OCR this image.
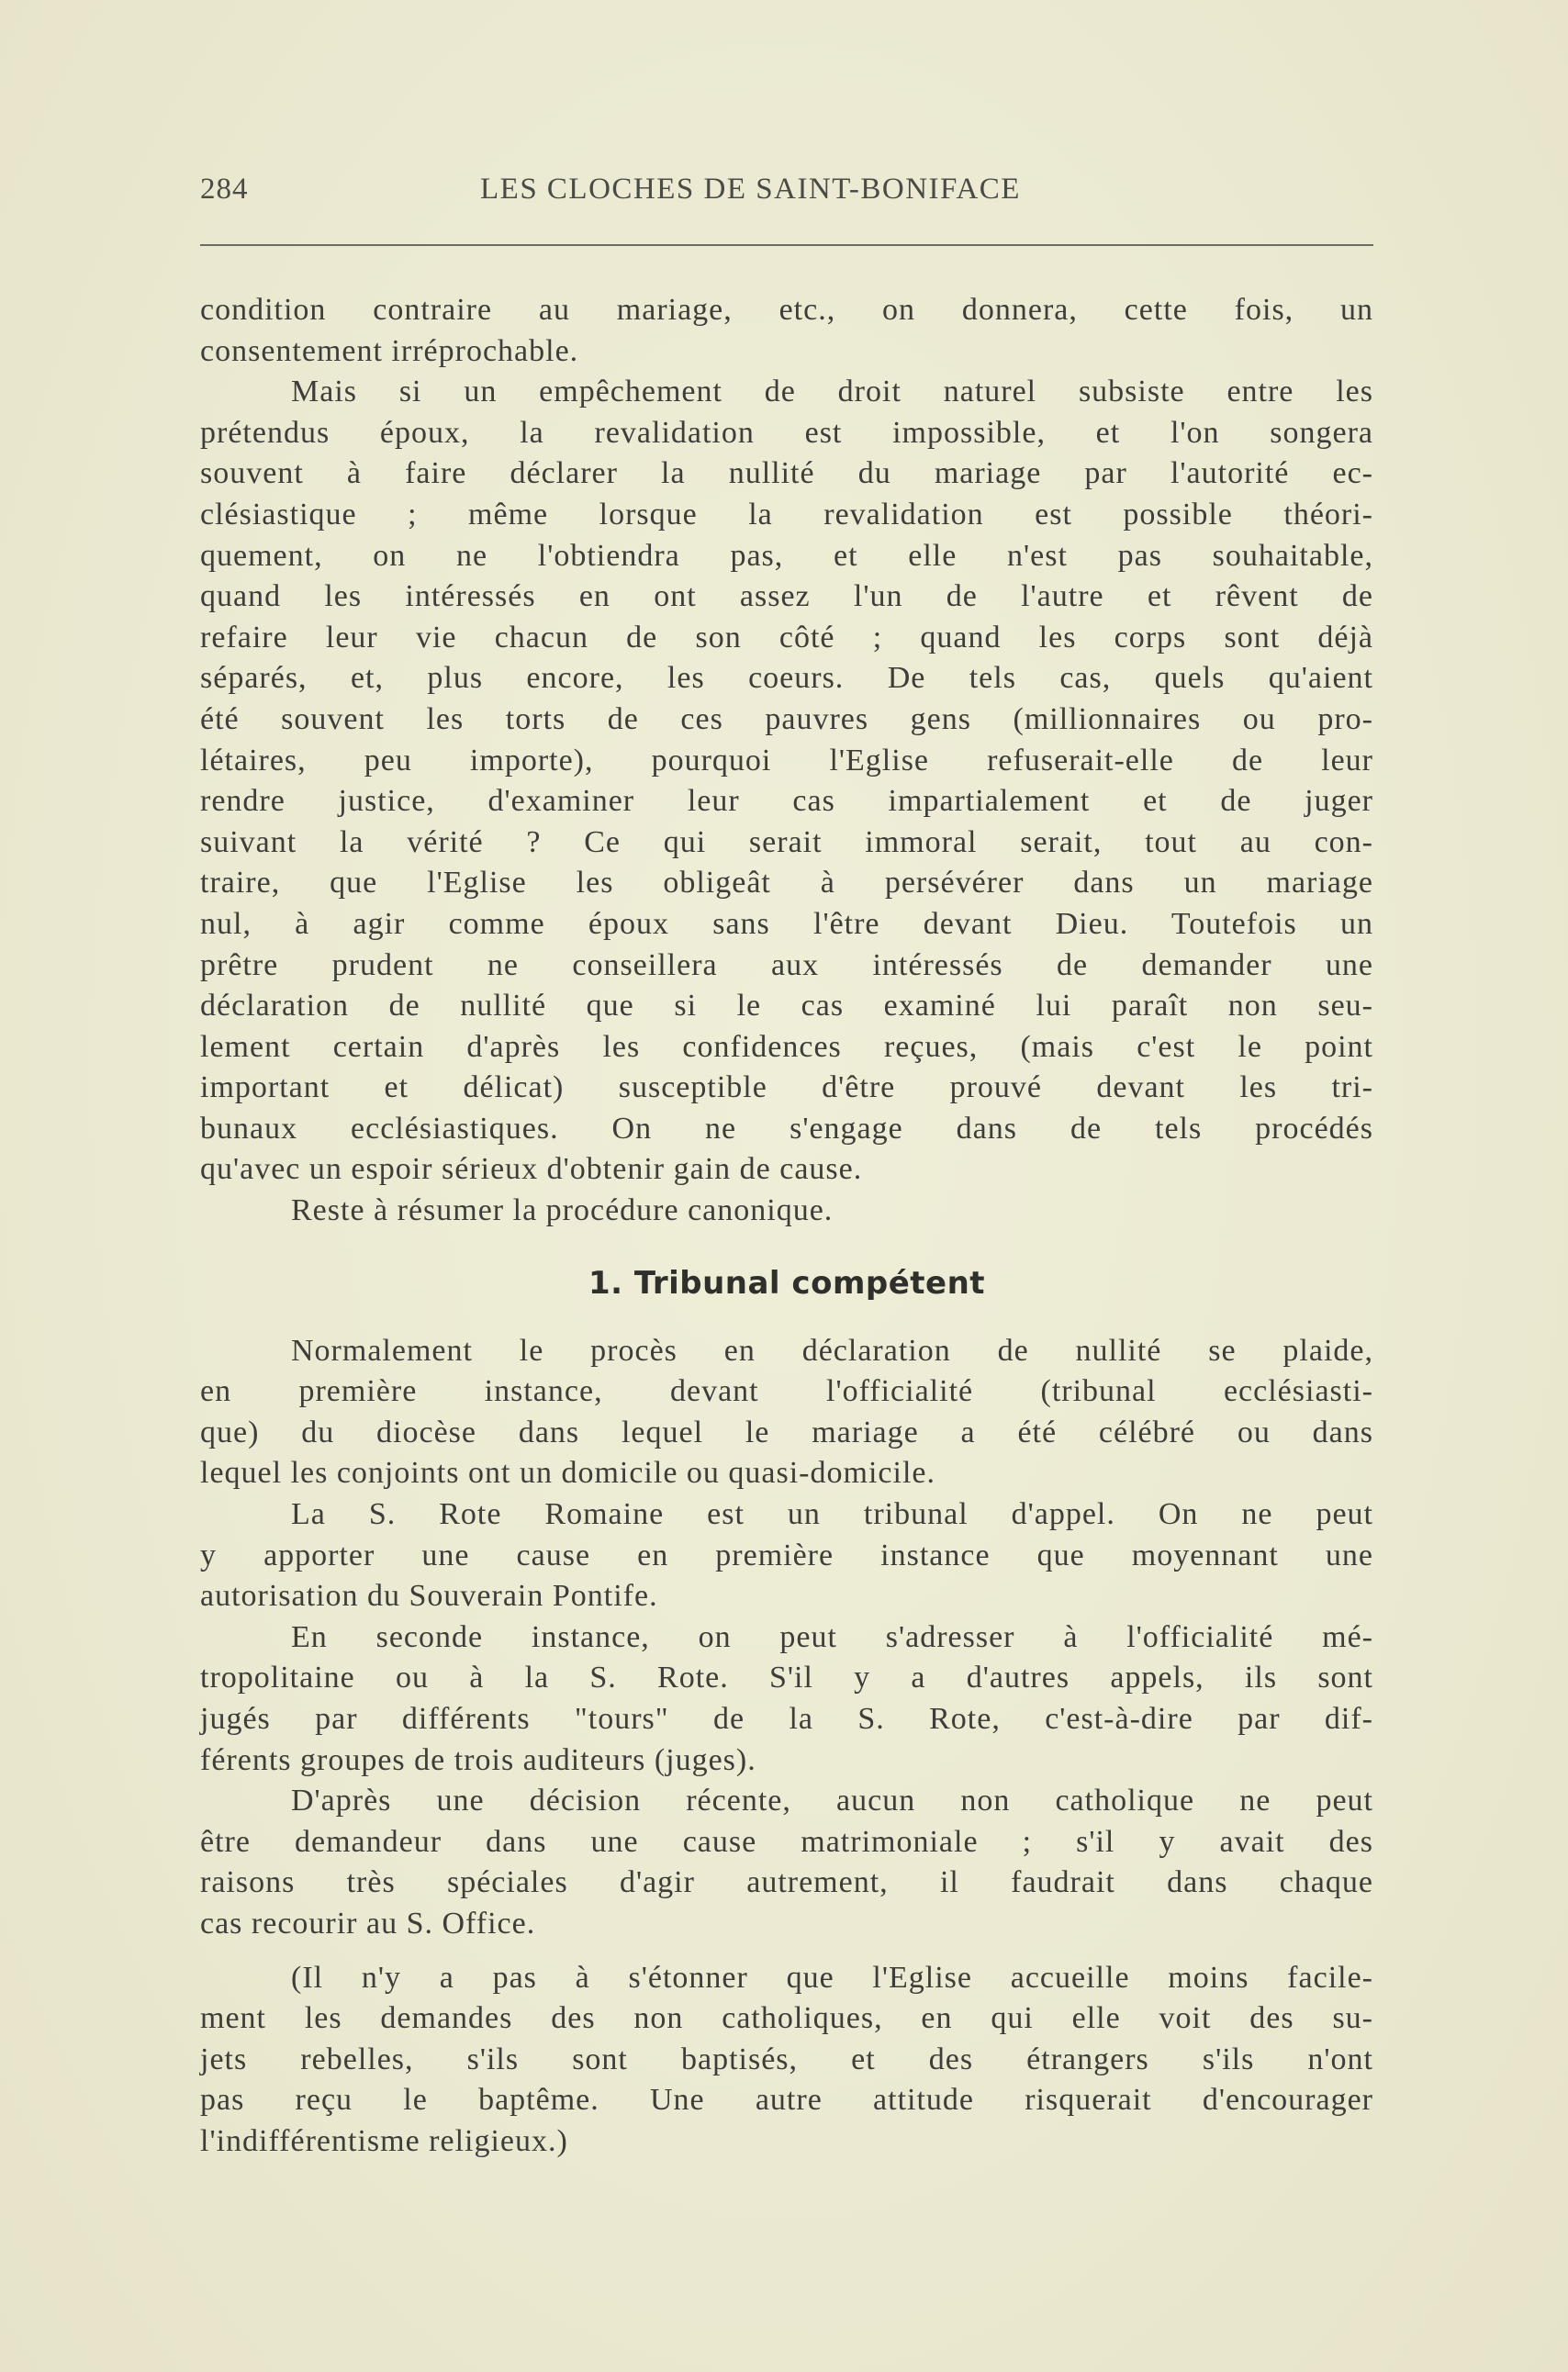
284	LES CLOCHES DE SAINT-BONIFACE
condition contraire au mariage, etc., on donnera, cette fois, un
consentement irréprochable.
Mais si un empêchement de droit naturel subsiste entre les
prétendus époux, la revalidation est impossible, et l'on songera
souvent à faire déclarer la nullité du mariage par l'autorité ec-
clésiastique ; même lorsque la revalidation est possible théori-
quement, on ne l'obtiendra pas, et elle n'est pas souhaitable,
quand les intéressés en ont assez l'un de l'autre et rêvent de
refaire leur vie chacun de son côté ; quand les corps sont déjà
séparés, et, plus encore, les coeurs. De tels cas, quels qu'aient
été souvent les torts de ces pauvres gens (millionnaires ou pro-
létaires, peu importe), pourquoi l'Eglise refuserait-elle de leur
rendre justice, d'examiner leur cas impartialement et de juger
suivant la vérité ? Ce qui serait immoral serait, tout au con-
traire, que l'Eglise les obligeât à persévérer dans un mariage
nul, à agir comme époux sans l'être devant Dieu. Toutefois un
prêtre prudent ne conseillera aux intéressés de demander une
déclaration de nullité que si le cas examiné lui paraît non seu-
lement certain d'après les confidences reçues, (mais c'est le point
important et délicat) susceptible d'être prouvé devant les tri-
bunaux ecclésiastiques. On ne s'engage dans de tels procédés
qu'avec un espoir sérieux d'obtenir gain de cause.
Reste à résumer la procédure canonique.
1. Tribunal compétent
Normalement le procès en déclaration de nullité se plaide,
en première instance, devant l'officialité (tribunal ecclésiasti-
que) du diocèse dans lequel le mariage a été célébré ou dans
lequel les conjoints ont un domicile ou quasi-domicile.
La S. Rote Romaine est un tribunal d'appel. On ne peut
y apporter une cause en première instance que moyennant une
autorisation du Souverain Pontife.
En seconde instance, on peut s'adresser à l'officialité mé-
tropolitaine ou à la S. Rote. S'il y a d'autres appels, ils sont
jugés par différents "tours" de la S. Rote, c'est-à-dire par dif-
férents groupes de trois auditeurs (juges).
D'après une décision récente, aucun non catholique ne peut
être demandeur dans une cause matrimoniale ; s'il y avait des
raisons très spéciales d'agir autrement, il faudrait dans chaque
cas recourir au S. Office.
(Il n'y a pas à s'étonner que l'Eglise accueille moins facile-
ment les demandes des non catholiques, en qui elle voit des su-
jets rebelles, s'ils sont baptisés, et des étrangers s'ils n'ont
pas reçu le baptême. Une autre attitude risquerait d'encourager
l'indifférentisme religieux.)
